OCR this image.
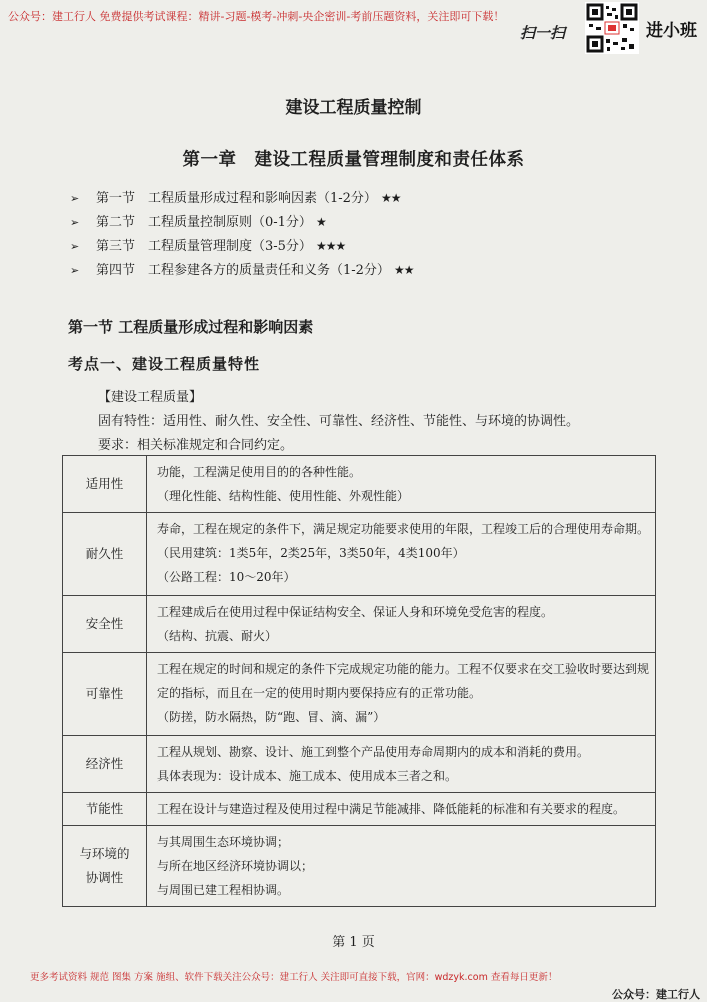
公众号：建工行人 免费提供考试课程：精讲-习题-模考-冲刺-央企密训-考前压题资料，关注即可下载！
扫一扫	进小班
建设工程质量控制
第一章　建设工程质量管理制度和责任体系
➢ 第一节　工程质量形成过程和影响因素（1-2分） ★★
➢ 第二节　工程质量控制原则（0-1分） ★
➢ 第三节　工程质量管理制度（3-5分） ★★★
➢ 第四节　工程参建各方的质量责任和义务（1-2分） ★★
第一节 工程质量形成过程和影响因素
考点一、建设工程质量特性
【建设工程质量】
固有特性：适用性、耐久性、安全性、可靠性、经济性、节能性、与环境的协调性。
要求：相关标准规定和合同约定。
适用性	功能，工程满足使用目的的各种性能。
（理化性能、结构性能、使用性能、外观性能）

耐久性	寿命，工程在规定的条件下，满足规定功能要求使用的年限，工程竣工后的合理使用寿命期。
（民用建筑：1类5年，2类25年，3类50年，4类100年）
（公路工程：10～20年）

安全性	工程建成后在使用过程中保证结构安全、保证人身和环境免受危害的程度。
（结构、抗震、耐火）

可靠性	工程在规定的时间和规定的条件下完成规定功能的能力。工程不仅要求在交工验收时要达到规定的指标，而且在一定的使用时期内要保持应有的正常功能。
（防搓，防水隔热，防“跑、冒、滴、漏”）

经济性	工程从规划、勘察、设计、施工到整个产品使用寿命周期内的成本和消耗的费用。
具体表现为：设计成本、施工成本、使用成本三者之和。

节能性	工程在设计与建造过程及使用过程中满足节能减排、降低能耗的标准和有关要求的程度。

与环境的协调性	与其周围生态环境协调；
与所在地区经济环境协调以；
与周围已建工程相协调。
第 1 页
更多考试资料 规范 图集 方案 施组、软件下载关注公众号：建工行人 关注即可直接下载，官网：wdzyk.com 查看每日更新！
公众号：建工行人
